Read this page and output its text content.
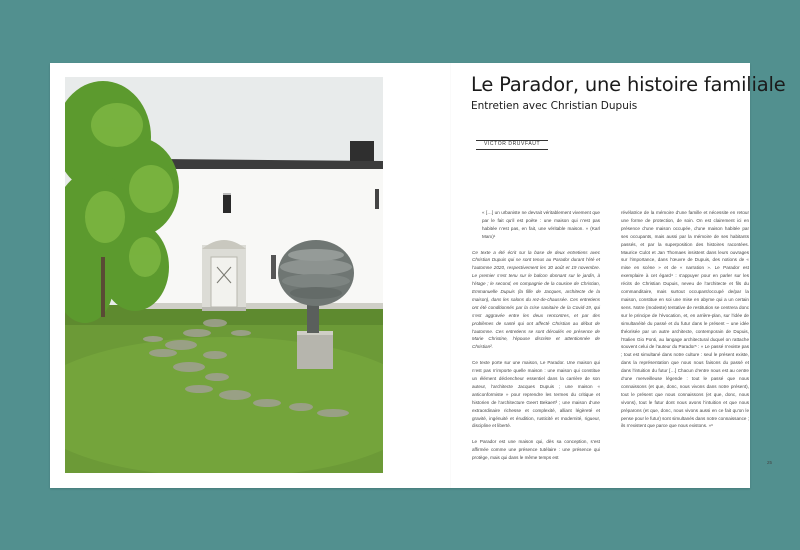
Le Parador, une histoire familiale
Entretien avec Christian Dupuis
VICTOR DRUVFAUT

« […] un urbaniste ne devrait véritablement vivement que par le fait qu’il est poète : une maison qui n’est pas habitée n’est pas, en fait, une véritable maison. » (Karl Marx)¹

Ce texte a été écrit sur la base de deux entretiens avec Christian Dupuis qui se sont tenus au Parador durant l’été et l’automne 2020, respectivement les 30 août et 19 novembre. Le premier s’est tenu sur le balcon donnant sur le jardin, à l’étage ; le second, en compagnie de la cousine de Christian, Emmanuelle Dupuis (la fille de Jacques, architecte de la maison), dans les salons du rez-de-chaussée. Ces entretiens ont été conditionnés par la crise sanitaire de la Covid-19, qui s’est aggravée entre les deux rencontres, et par des problèmes de santé qui ont affecté Christian au début de l’automne. Ces entretiens se sont déroulés en présence de Marie Christine, l’épouse discrète et attentionnée de Christian².

Ce texte porte sur une maison, Le Parador. Une maison qui n’est pas n’importe quelle maison : une maison qui constitue un élément déclencheur essentiel dans la carrière de son auteur, l’architecte Jacques Dupuis ; une maison « anticonformiste » pour reprendre les termes du critique et historien de l’architecture Geert Bekaert³ ; une maison d’une extraordinaire richesse et complexité, alliant légèreté et gravité, ingénuité et érudition, rusticité et modernité, rigueur, discipline et liberté.

Le Parador est une maison qui, dès sa conception, s’est affirmée comme une présence tutélaire : une présence qui protège, mais qui dans le même temps est

révélatrice de la mémoire d’une famille et nécessite en retour une forme de protection, de soin. On est clairement ici en présence d’une maison occupée, d’une maison habitée par ses occupants, mais aussi par la mémoire de ses habitants passés, et par la superposition des histoires racontées. Maurice Culot et Jan Thomaes insistent dans leurs ouvrages sur l’importance, dans l’œuvre de Dupuis, des notions de « mise en scène » et de « narration ». Le Parador est exemplaire à cet égard⁴ : s’appuyer pour en parler sur les récits de Christian Dupuis, neveu de l’architecte et fils du commanditaire, mais surtout occupant/occupé de/par la maison, constitue en soi une mise en abyme qui a un certain sens. Notre (modeste) tentative de restitution se centrera donc sur le principe de l’évocation, et, en arrière-plan, sur l’idée de simultanéité du passé et du futur dans le présent – une idée théorisée par un autre architecte, contemporain de Dupuis, l’Italien Gio Ponti, au langage architectural duquel on rattache souvent celui de l’auteur du Parador⁵ : « Le passé n’existe pas ; tout est simultané dans notre culture : seul le présent existe, dans la représentation que nous nous faisons du passé et dans l’intuition du futur […] Chacun d’entre nous est au centre d’une merveilleuse légende : tout le passé que nous connaissons (et que, donc, nous vivons dans notre présent), tout le présent que nous connaissons (et que, donc, nous vivons), tout le futur dont nous avons l’intuition et que nous préparons (et que, donc, nous vivons aussi en ce fait qu’on le pense pour le futur) sont simultanés dans notre connaissance ; ils n’existent que parce que nous existons. »⁶

25
